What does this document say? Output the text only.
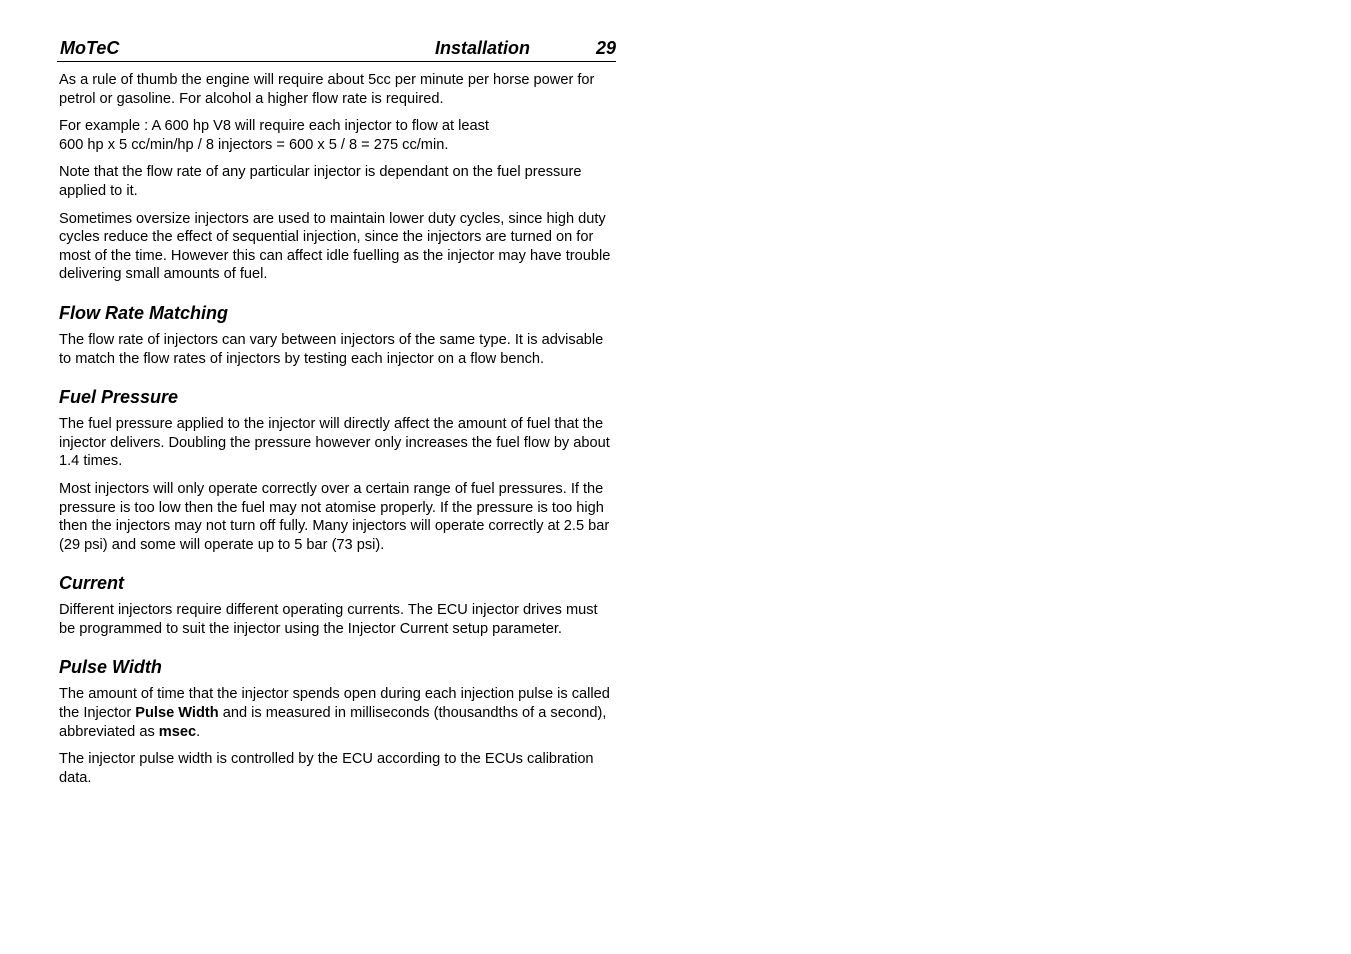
MoTeC	Installation	29

As a rule of thumb the engine will require about 5cc per minute per horse power for petrol or gasoline. For alcohol a higher flow rate is required.

For example : A 600 hp V8 will require each injector to flow at least
600 hp x 5 cc/min/hp / 8 injectors = 600 x 5 / 8 = 275 cc/min.

Note that the flow rate of any particular injector is dependant on the fuel pressure applied to it.

Sometimes oversize injectors are used to maintain lower duty cycles, since high duty cycles reduce the effect of sequential injection, since the injectors are turned on for most of the time. However this can affect idle fuelling as the injector may have trouble delivering small amounts of fuel.

Flow Rate Matching

The flow rate of injectors can vary between injectors of the same type. It is advisable to match the flow rates of injectors by testing each injector on a flow bench.

Fuel Pressure

The fuel pressure applied to the injector will directly affect the amount of fuel that the injector delivers. Doubling the pressure however only increases the fuel flow by about 1.4 times.

Most injectors will only operate correctly over a certain range of fuel pressures. If the pressure is too low then the fuel may not atomise properly. If the pressure is too high then the injectors may not turn off fully. Many injectors will operate correctly at 2.5 bar (29 psi) and some will operate up to 5 bar (73 psi).

Current

Different injectors require different operating currents. The ECU injector drives must be programmed to suit the injector using the Injector Current setup parameter.

Pulse Width

The amount of time that the injector spends open during each injection pulse is called the Injector Pulse Width and is measured in milliseconds (thousandths of a second), abbreviated as msec.

The injector pulse width is controlled by the ECU according to the ECUs calibration data.
